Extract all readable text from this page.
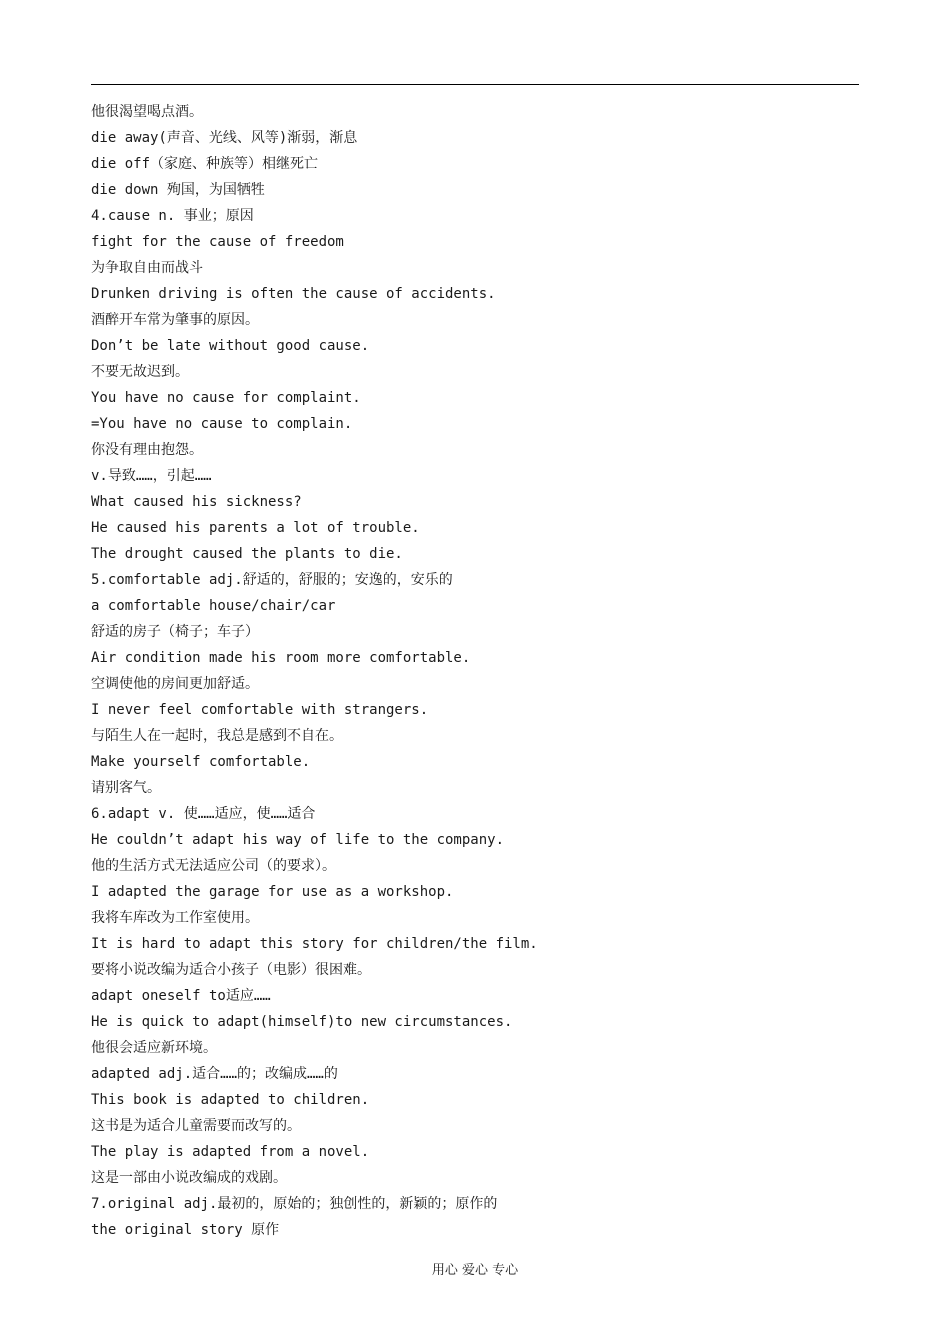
他很渴望喝点酒。
die away(声音、光线、风等)渐弱，渐息
die off（家庭、种族等）相继死亡
die down 殉国，为国牺牲
4.cause n. 事业；原因
fight for the cause of freedom
为争取自由而战斗
Drunken driving is often the cause of accidents.
酒醉开车常为肇事的原因。
Don’t be late without good cause.
不要无故迟到。
You have no cause for complaint.
=You have no cause to complain.
你没有理由抱怨。
v.导致……，引起……
What caused his sickness?
He caused his parents a lot of trouble.
The drought caused the plants to die.
5.comfortable adj.舒适的，舒服的；安逸的，安乐的
a comfortable house/chair/car
舒适的房子（椅子；车子）
Air condition made his room more comfortable.
空调使他的房间更加舒适。
I never feel comfortable with strangers.
与陌生人在一起时，我总是感到不自在。
Make yourself comfortable.
请别客气。
6.adapt v. 使……适应，使……适合
He couldn’t adapt his way of life to the company.
他的生活方式无法适应公司（的要求）。
I adapted the garage for use as a workshop.
我将车库改为工作室使用。
It is hard to adapt this story for children/the film.
要将小说改编为适合小孩子（电影）很困难。
adapt oneself to适应……
He is quick to adapt(himself)to new circumstances.
他很会适应新环境。
adapted adj.适合……的；改编成……的
This book is adapted to children.
这书是为适合儿童需要而改写的。
The play is adapted from a novel.
这是一部由小说改编成的戏剧。
7.original adj.最初的，原始的；独创性的，新颖的；原作的
the original story 原作
用心 爱心 专心
